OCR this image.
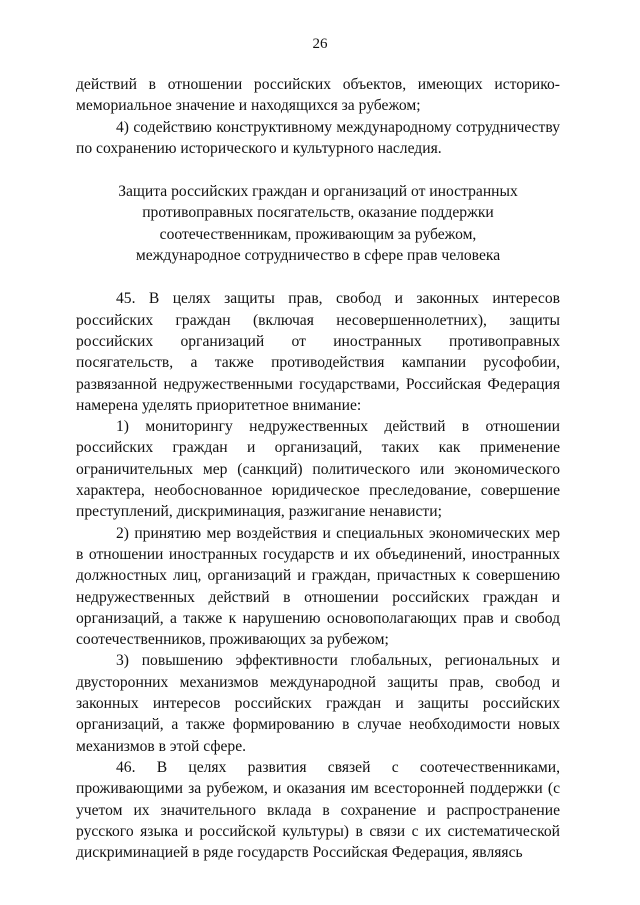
26

действий в отношении российских объектов, имеющих историко-мемориальное значение и находящихся за рубежом;

4) содействию конструктивному международному сотрудничеству по сохранению исторического и культурного наследия.

Защита российских граждан и организаций от иностранных
противоправных посягательств, оказание поддержки
соотечественникам, проживающим за рубежом,
международное сотрудничество в сфере прав человека

45. В целях защиты прав, свобод и законных интересов российских граждан (включая несовершеннолетних), защиты российских организаций от иностранных противоправных посягательств, а также противодействия кампании русофобии, развязанной недружественными государствами, Российская Федерация намерена уделять приоритетное внимание:

1) мониторингу недружественных действий в отношении российских граждан и организаций, таких как применение ограничительных мер (санкций) политического или экономического характера, необоснованное юридическое преследование, совершение преступлений, дискриминация, разжигание ненависти;

2) принятию мер воздействия и специальных экономических мер в отношении иностранных государств и их объединений, иностранных должностных лиц, организаций и граждан, причастных к совершению недружественных действий в отношении российских граждан и организаций, а также к нарушению основополагающих прав и свобод соотечественников, проживающих за рубежом;

3) повышению эффективности глобальных, региональных и двусторонних механизмов международной защиты прав, свобод и законных интересов российских граждан и защиты российских организаций, а также формированию в случае необходимости новых механизмов в этой сфере.

46. В целях развития связей с соотечественниками, проживающими за рубежом, и оказания им всесторонней поддержки (с учетом их значительного вклада в сохранение и распространение русского языка и российской культуры) в связи с их систематической дискриминацией в ряде государств Российская Федерация, являясь
